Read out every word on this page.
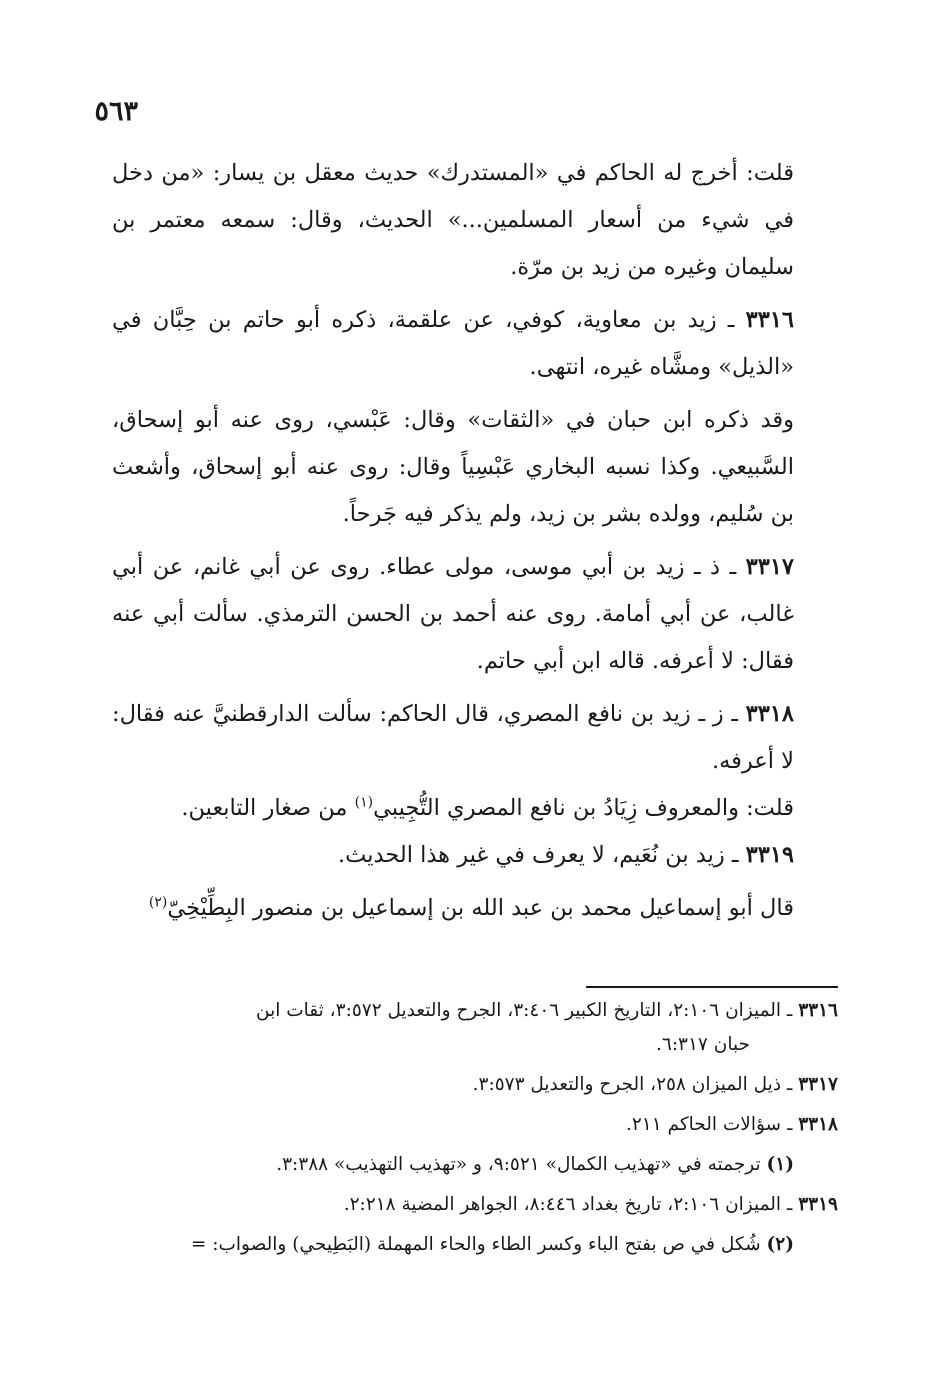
٥٦٣

قلت: أخرج له الحاكم في «المستدرك» حديث معقل بن يسار: «من دخل في شيء من أسعار المسلمين...» الحديث، وقال: سمعه معتمر بن سليمان وغيره من زيد بن مرّة.

٣٣١٦ ـ زيد بن معاوية، كوفي، عن علقمة، ذكره أبو حاتم بن حِبَّان في «الذيل» ومشَّاه غيره، انتهى.

وقد ذكره ابن حبان في «الثقات» وقال: عَبْسي، روى عنه أبو إسحاق، السَّبيعي. وكذا نسبه البخاري عَبْسِياً وقال: روى عنه أبو إسحاق، وأشعث بن سُليم، وولده بشر بن زيد، ولم يذكر فيه جَرحاً.

٣٣١٧ ـ ذ ـ زيد بن أبي موسى، مولى عطاء. روى عن أبي غانم، عن أبي غالب، عن أبي أمامة. روى عنه أحمد بن الحسن الترمذي. سألت أبي عنه فقال: لا أعرفه. قاله ابن أبي حاتم.

٣٣١٨ ـ ز ـ زيد بن نافع المصري، قال الحاكم: سألت الدارقطنيَّ عنه فقال: لا أعرفه.

قلت: والمعروف زِيَادُ بن نافع المصري التُّجِيبي$^{(١)}$ من صغار التابعين.

٣٣١٩ ـ زيد بن نُعَيم، لا يعرف في غير هذا الحديث.

قال أبو إسماعيل محمد بن عبد الله بن إسماعيل بن منصور البِطِّيْخِيّ$^{(٢)}$

٣٣١٦ ـ الميزان ٢:١٠٦، التاريخ الكبير ٣:٤٠٦، الجرح والتعديل ٣:٥٧٢، ثقات ابن
حبان ٦:٣١٧.

٣٣١٧ ـ ذيل الميزان ٢٥٨، الجرح والتعديل ٣:٥٧٣.

٣٣١٨ ـ سؤالات الحاكم ٢١١.

(١) ترجمته في «تهذيب الكمال» ٩:٥٢١، و «تهذيب التهذيب» ٣:٣٨٨.

٣٣١٩ ـ الميزان ٢:١٠٦، تاريخ بغداد ٨:٤٤٦، الجواهر المضية ٢:٢١٨.

(٢) شُكل في ص بفتح الباء وكسر الطاء والحاء المهملة (البَطِيحي) والصواب: =
